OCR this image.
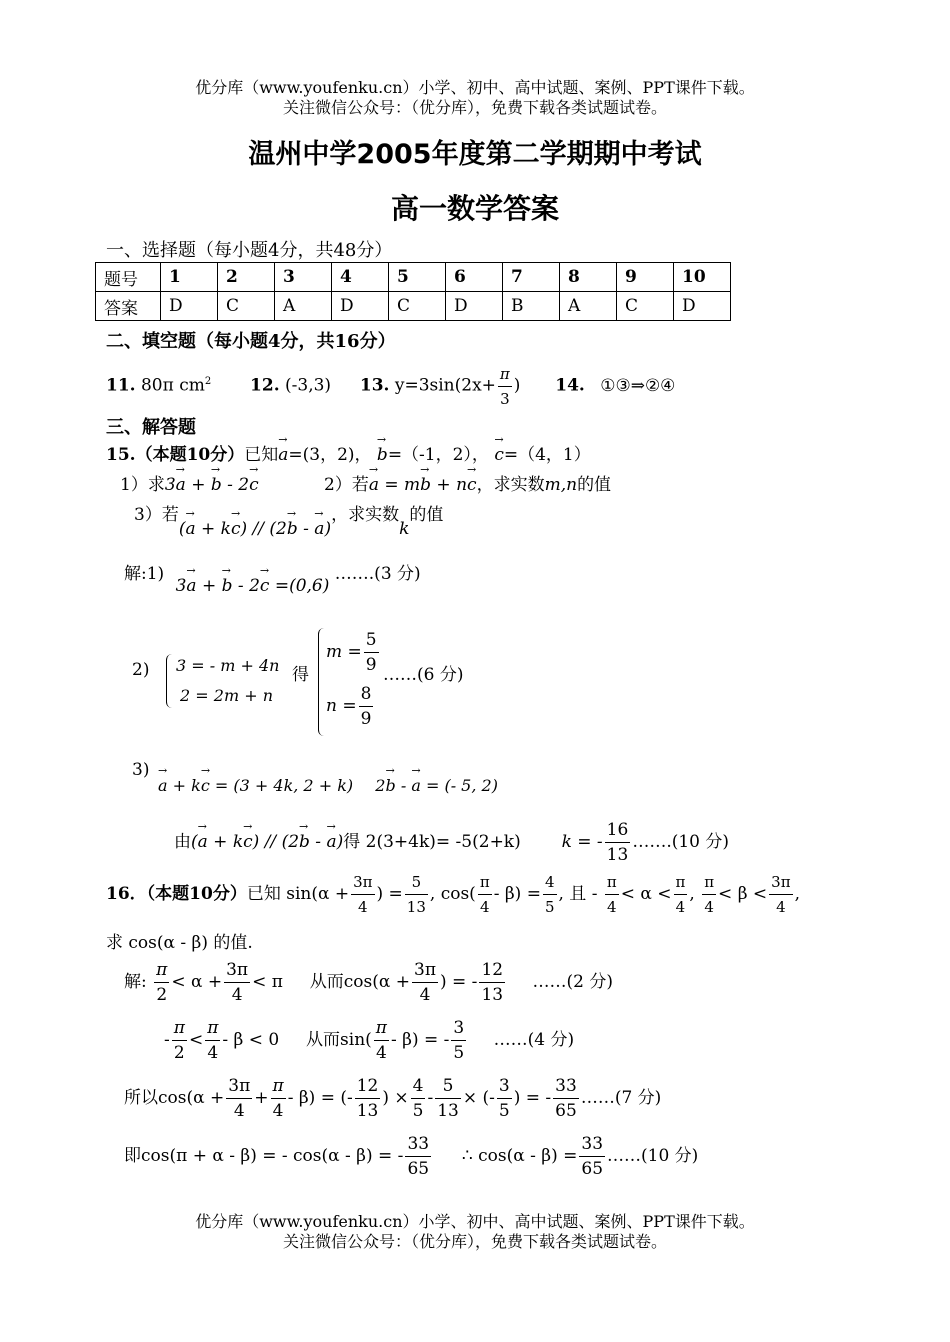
优分库（www.youfenku.cn）小学、初中、高中试题、案例、PPT课件下载。
关注微信公众号：（优分库），免费下载各类试题试卷。
温州中学2005年度第二学期期中考试
高一数学答案
一、选择题（每小题4分，共48分）
题号	1	2	3	4	5	6	7	8	9	10
答案	D	C	A	D	C	D	B	A	C	D
二、填空题（每小题4分，共16分）
11. 80π $cm^2$ 12. (-3,3) 13. $y=3\sin(2x+ \frac{\pi}{3}$ ) 14. ①③⇒②④
三、解答题
15.（本题10分）已知→ a=(3，2)， → b=（-1，2）， → c=（4，1）
1）求3→ a + → b - 2→ c	2）若→ a = m→ b + n→ c，求实数m,n的值
3）若(→ a + k→ c) // (2→ b - → a)，求实数k的值
解:1) 3→ a + → b - 2→ c =(0,6) …….(3 分)
2) 3 = - m + 4n
2 = 2m + n
得
$m = \frac{5}{9}$ ……(6 分)
$n = \frac{8}{9}$
3)
→ a + k→ c = (3 + 4k, 2 + k)  2→ b - → a = (- 5, 2)
由(→ a + k→ c) // (2→ b - → a)得 2(3+4k)= -5(2+k) k = - $\frac{16}{13}$ …….(10 分)
16．（本题10分）已知 $\sin(\alpha + \frac{3\pi}{4}$ ) = $\frac{5}{13}$ , $\cos( \frac{\pi}{4} - \beta) = \frac{4}{5}$ , 且 - $\frac{\pi}{4} < \alpha < \frac{\pi}{4}$ , $\frac{\pi}{4} < \beta < \frac{3\pi}{4}$ ,
求 cos(α - β) 的值.
解: $\frac{\pi}{2} < \alpha + \frac{3\pi}{4} < \pi$ 从而$\cos(\alpha + \frac{3\pi}{4}$ ) = - $\frac{12}{13}$ ……(2 分)
- $\frac{\pi}{2} < \frac{\pi}{4} - \beta < 0$ 从而$\sin( \frac{\pi}{4} - \beta)$ = - $\frac{3}{5}$ ……(4 分)
所以$\cos(\alpha + \frac{3\pi}{4} + \frac{\pi}{4} - \beta)$ = (- $\frac{12}{13}$ ) × $\frac{4}{5} - \frac{5}{13}$ × (- $\frac{3}{5}$ ) = - $\frac{33}{65}$ ……(7 分)
即cos(π + α - β) = - cos(α - β) = - $\frac{33}{65}$ ∴ $\cos(\alpha - \beta) = \frac{33}{65}$ ……(10 分)
优分库（www.youfenku.cn）小学、初中、高中试题、案例、PPT课件下载。
关注微信公众号：（优分库），免费下载各类试题试卷。
